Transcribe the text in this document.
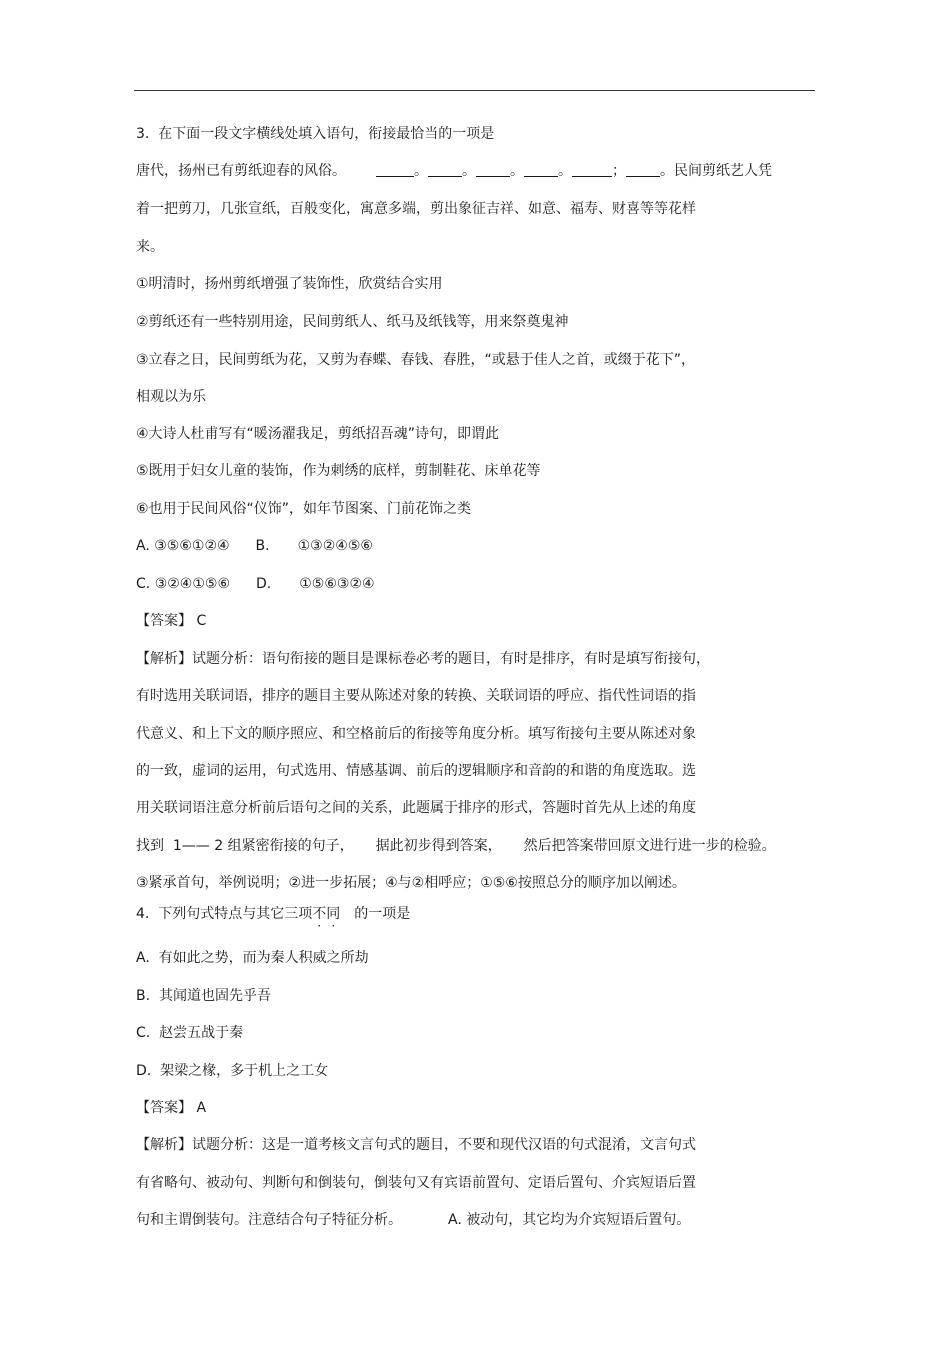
3.  在下面一段文字横线处填入语句，衔接最恰当的一项是
唐代，扬州已有剪纸迎春的风俗。	。 。 。 。	； 。民间剪纸艺人凭
着一把剪刀，几张宣纸，百般变化，寓意多端，剪出象征吉祥、如意、福寿、财喜等等花样
来。
①明清时，扬州剪纸增强了装饰性，欣赏结合实用
②剪纸还有一些特别用途，民间剪纸人、纸马及纸钱等，用来祭奠鬼神
③立春之日，民间剪纸为花，又剪为春蝶、春钱、春胜，“或悬于佳人之首，或缀于花下”，
相观以为乐
④大诗人杜甫写有“暖汤濯我足，剪纸招吾魂”诗句，即谓此
⑤既用于妇女儿童的装饰，作为刺绣的底样，剪制鞋花、床单花等
⑥也用于民间风俗“仪饰”，如年节图案、门前花饰之类
A. ③⑤⑥①②④ B. ①③②④⑤⑥
C. ③②④①⑤⑥ D. ①⑤⑥③②④
【答案】 C
【解析】试题分析：语句衔接的题目是课标卷必考的题目，有时是排序，有时是填写衔接句，
有时选用关联词语，排序的题目主要从陈述对象的转换、关联词语的呼应、指代性词语的指
代意义、和上下文的顺序照应、和空格前后的衔接等角度分析。填写衔接句主要从陈述对象
的一致，虚词的运用，句式选用、情感基调、前后的逻辑顺序和音韵的和谐的角度选取。选
用关联词语注意分析前后语句之间的关系，此题属于排序的形式，答题时首先从上述的角度
找到  1—— 2 组紧密衔接的句子， 据此初步得到答案， 然后把答案带回原文进行进一步的检验。
③紧承首句，举例说明；②进一步拓展；④与②相呼应；①⑤⑥按照总分的顺序加以阐述。
4.  下列句式特点与其它三项不同 的一项是
A.  有如此之势，而为秦人积威之所劫
B.  其闻道也固先乎吾
C.  赵尝五战于秦
D.  架梁之椽，多于机上之工女
【答案】 A
【解析】试题分析：这是一道考核文言句式的题目，不要和现代汉语的句式混淆，文言句式
有省略句、被动句、判断句和倒装句，倒装句又有宾语前置句、定语后置句、介宾短语后置
句和主谓倒装句。注意结合句子特征分析。	A. 被动句，其它均为介宾短语后置句。
